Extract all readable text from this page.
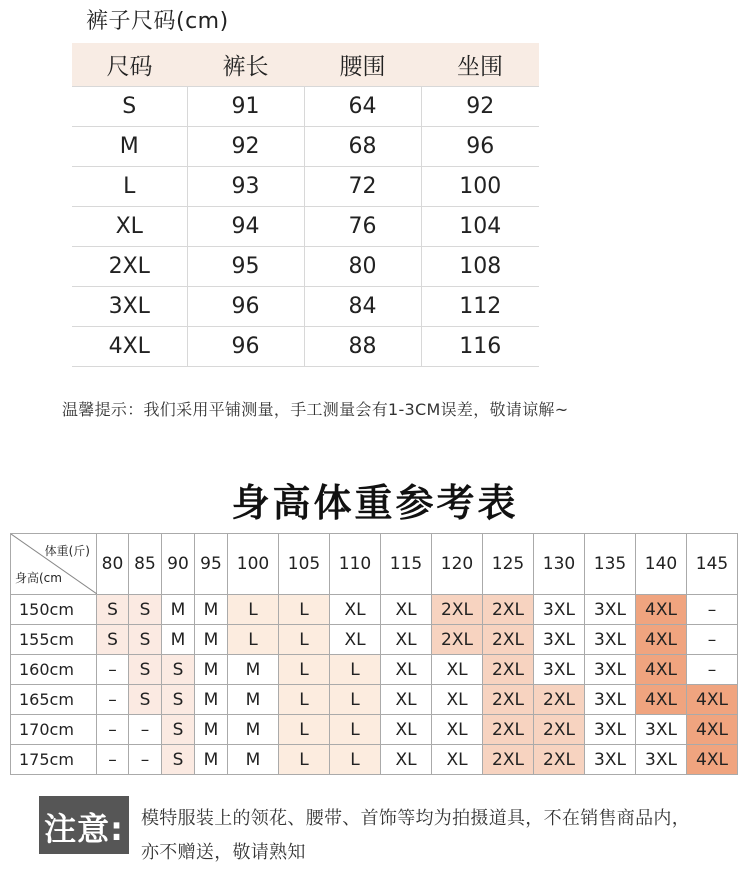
裤子尺码(cm)
尺码	裤长	腰围	坐围
S	91	64	92
M	92	68	96
L	93	72	100
XL	94	76	104
2XL	95	80	108
3XL	96	84	112
4XL	96	88	116
温馨提示：我们采用平铺测量，手工测量会有1-3CM误差，敬请谅解~
身高体重参考表
体重(斤)
身高(cm	80	85	90	95	100	105	110	115	120	125	130	135	140	145
150cm	S	S	M	M	L	L	XL	XL	2XL	2XL	3XL	3XL	4XL	–
155cm	S	S	M	M	L	L	XL	XL	2XL	2XL	3XL	3XL	4XL	–
160cm	–	S	S	M	M	L	L	XL	XL	2XL	3XL	3XL	4XL	–
165cm	–	S	S	M	M	L	L	XL	XL	2XL	2XL	3XL	4XL	4XL
170cm	–	–	S	M	M	L	L	XL	XL	2XL	2XL	3XL	3XL	4XL
175cm	–	–	S	M	M	L	L	XL	XL	2XL	2XL	3XL	3XL	4XL
注意: 模特服装上的领花、腰带、首饰等均为拍摄道具，不在销售商品内，
亦不赠送，敬请熟知
